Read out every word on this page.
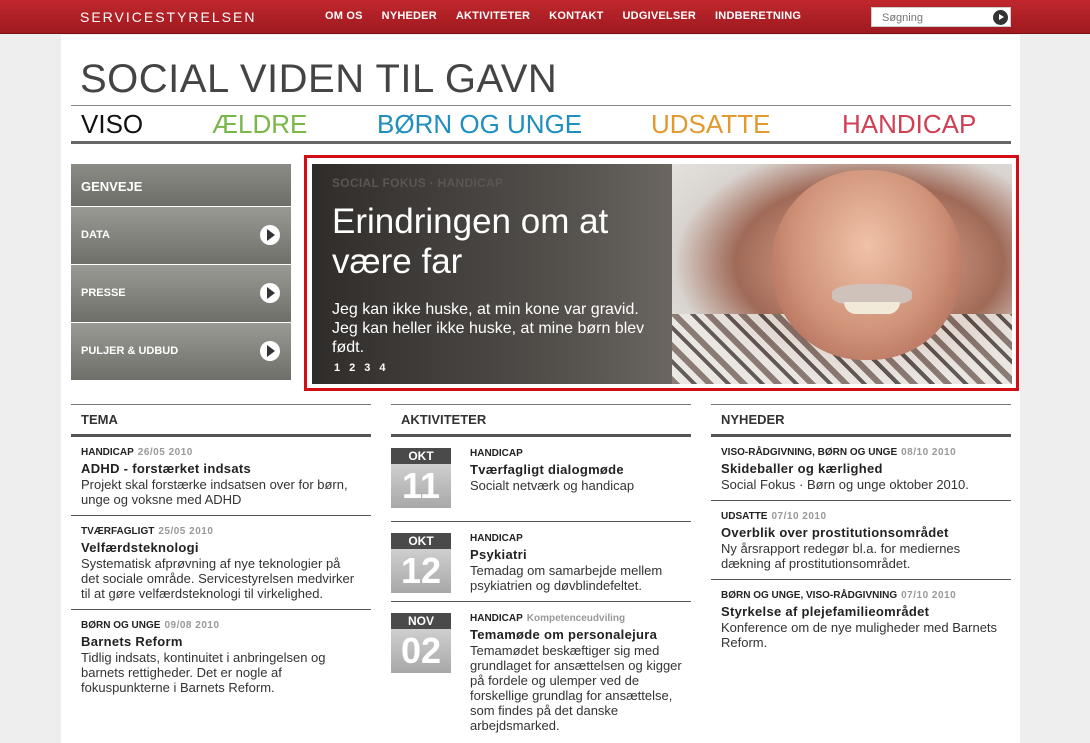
SERVICESTYRELSEN	OM OS NYHEDER AKTIVITETER KONTAKT UDGIVELSER INDBERETNING
Søgning
SOCIAL VIDEN TIL GAVN
VISO	ÆLDRE	BØRN OG UNGE	UDSATTE	HANDICAP
GENVEJE
DATA
PRESSE
PULJER & UDBUD
SOCIAL FOKUS · HANDICAP
Erindringen om at være far
Jeg kan ikke huske, at min kone var gravid. Jeg kan heller ikke huske, at mine børn blev født.
1 2 3 4
TEMA
HANDICAP 26/05 2010
ADHD - forstærket indsats
Projekt skal forstærke indsatsen over for børn, unge og voksne med ADHD
TVÆRFAGLIGT 25/05 2010
Velfærdsteknologi
Systematisk afprøvning af nye teknologier på det sociale område. Servicestyrelsen medvirker til at gøre velfærdsteknologi til virkelighed.
BØRN OG UNGE 09/08 2010
Barnets Reform
Tidlig indsats, kontinuitet i anbringelsen og barnets rettigheder. Det er nogle af fokuspunkterne i Barnets Reform.
AKTIVITETER
OKT
11
HANDICAP
Tværfagligt dialogmøde
Socialt netværk og handicap
OKT
12
HANDICAP
Psykiatri
Temadag om samarbejde mellem psykiatrien og døvblindefeltet.
NOV
02
HANDICAP Kompetenceudviling
Temamøde om personalejura
Temamødet beskæftiger sig med grundlaget for ansættelsen og kigger på fordele og ulemper ved de forskellige grundlag for ansættelse, som findes på det danske arbejdsmarked.
NYHEDER
VISO-RÅDGIVNING, BØRN OG UNGE 08/10 2010
Skideballer og kærlighed
Social Fokus · Børn og unge oktober 2010.
UDSATTE 07/10 2010
Overblik over prostitutionsområdet
Ny årsrapport redegør bl.a. for mediernes dækning af prostitutionsområdet.
BØRN OG UNGE, VISO-RÅDGIVNING 07/10 2010
Styrkelse af plejefamilieområdet
Konference om de nye muligheder med Barnets Reform.
